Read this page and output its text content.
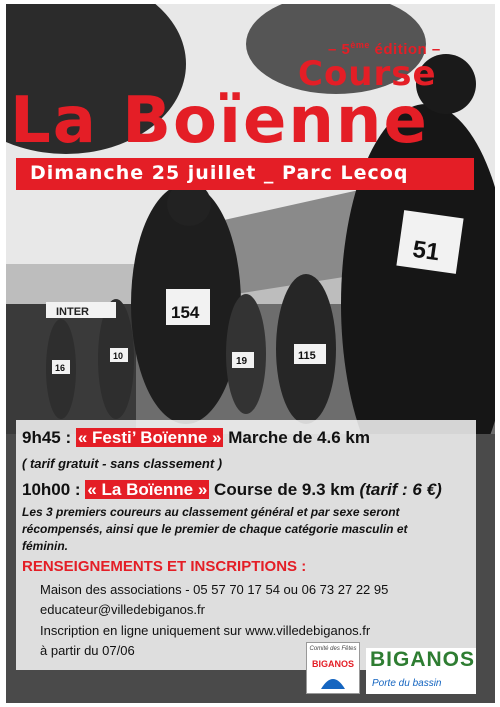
INTER	154
51
115
19
16
10
– 5ème édition –
Course
La Boïenne
Dimanche 25 juillet _ Parc Lecoq
9h45 : « Festi’ Boïenne » Marche de 4.6 km
( tarif gratuit - sans classement )
10h00 : « La Boïenne » Course de 9.3 km (tarif : 6 €)
Les 3 premiers coureurs au classement général et par sexe seront
récompensés, ainsi que le premier de chaque catégorie masculin et
féminin.
RENSEIGNEMENTS ET INSCRIPTIONS :
Maison des associations - 05 57 70 17 54 ou 06 73 27 22 95
educateur@villedebiganos.fr
Inscription en ligne uniquement sur www.villedebiganos.fr
à partir du 07/06	Comité des Fêtes
BIGANOS BIGANOS
Porte du bassin
